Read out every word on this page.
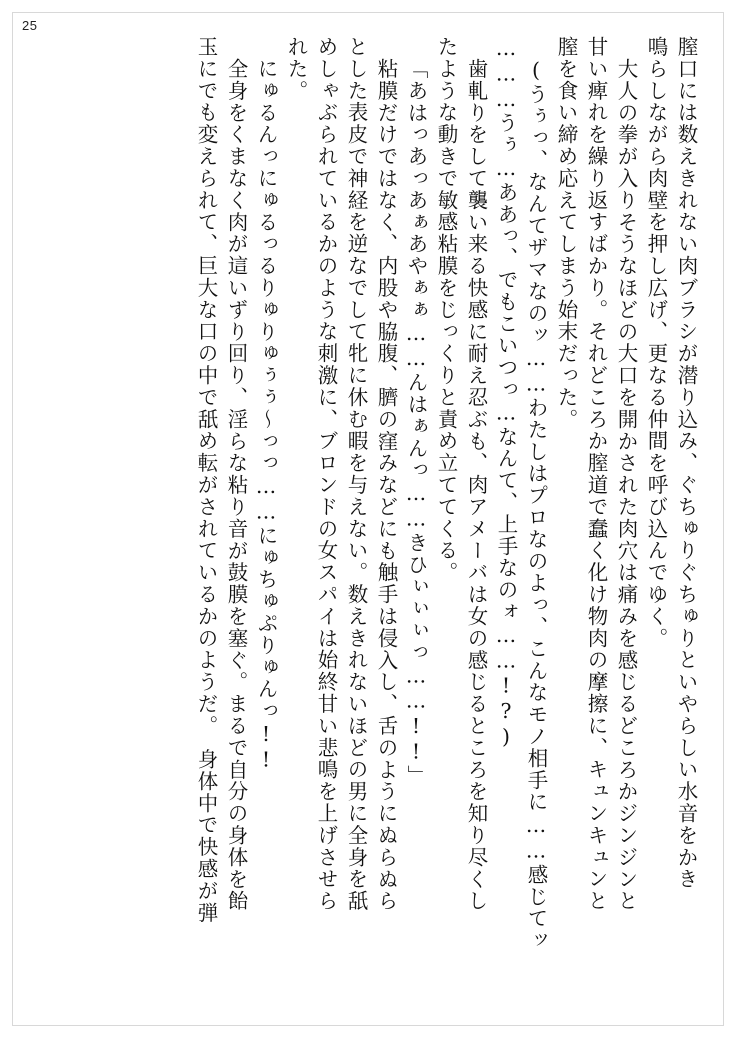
25
膣口には数えきれない肉ブラシが潜り込み、ぐちゅりぐちゅりといやらしい水音をかき
鳴らしながら肉壁を押し広げ、更なる仲間を呼び込んでゆく。
大人の拳が入りそうなほどの大口を開かされた肉穴は痛みを感じるどころかジンジンと
甘い痺れを繰り返すばかり。それどころか膣道で蠢く化け物肉の摩擦に、キュンキュンと
膣を食い締め応えてしまう始末だった。
(うぅっ、なんてザマなのッ……わたしはプロなのよっ、こんなモノ相手に……感じてッ
………うぅ…ああっ、でもこいつっ…なんて、上手なのォ……!?)
歯軋りをして襲い来る快感に耐え忍ぶも、肉アメーバは女の感じるところを知り尽くし
たような動きで敏感粘膜をじっくりと責め立ててくる。
「あはっあっあぁあやぁぁ……んはぁんっ……きひぃぃぃっ……!!」
粘膜だけではなく、内股や脇腹、臍の窪みなどにも触手は侵入し、舌のようにぬらぬら
とした表皮で神経を逆なでして牝に休む暇を与えない。数えきれないほどの男に全身を舐
めしゃぶられているかのような刺激に、ブロンドの女スパイは始終甘い悲鳴を上げさせら
れた。
にゅるんっにゅるっるりゅりゅぅぅ〜っっ……にゅちゅぷりゅんっ!!
全身をくまなく肉が這いずり回り、淫らな粘り音が鼓膜を塞ぐ。まるで自分の身体を飴
玉にでも変えられて、巨大な口の中で舐め転がされているかのようだ。　身体中で快感が弾
